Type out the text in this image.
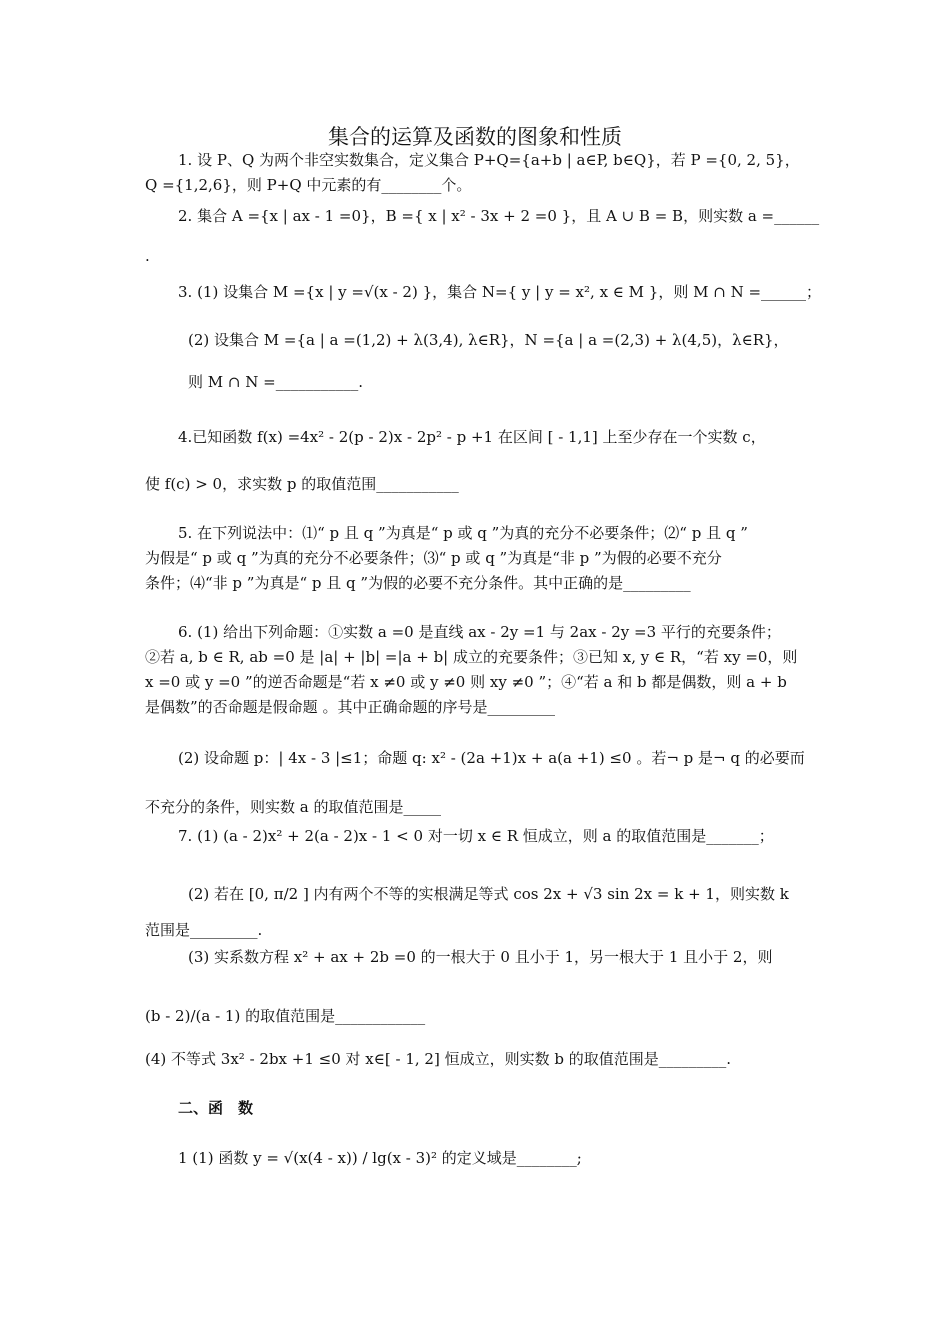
集合的运算及函数的图象和性质
1. 设 P、Q 为两个非空实数集合，定义集合 P+Q={a+b | a∈P, b∈Q}，若 P ={0, 2, 5}，
Q ={1,2,6}，则 P+Q 中元素的有________个。
2. 集合 A ={x | ax - 1 =0}，B ={ x | x² - 3x + 2 =0 }，且 A ∪ B = B，则实数 a =______
.
3. (1) 设集合 M ={x | y =√(x - 2) }，集合 N={ y | y = x², x ∈ M }，则 M ∩ N =______；
(2) 设集合 M ={a | a =(1,2) + λ(3,4), λ∈R}，N ={a | a =(2,3) + λ(4,5)，λ∈R}，
则 M ∩ N =___________.
4.已知函数 f(x) =4x² - 2(p - 2)x - 2p² - p +1 在区间 [ - 1,1] 上至少存在一个实数 c，
使 f(c) > 0，求实数 p 的取值范围___________
5. 在下列说法中：⑴“ p 且 q ”为真是“ p 或 q ”为真的充分不必要条件；⑵“ p 且 q ”
为假是“ p 或 q ”为真的充分不必要条件；⑶“ p 或 q ”为真是“非 p ”为假的必要不充分
条件；⑷“非 p ”为真是“ p 且 q ”为假的必要不充分条件。其中正确的是_________
6. (1) 给出下列命题：①实数 a =0 是直线 ax - 2y =1 与 2ax - 2y =3 平行的充要条件；
②若 a, b ∈ R, ab =0 是 |a| + |b| =|a + b| 成立的充要条件；③已知 x, y ∈ R，“若 xy =0，则
x =0 或 y =0 ”的逆否命题是“若 x ≠0 或 y ≠0 则 xy ≠0 ”；④“若 a 和 b 都是偶数，则 a + b
是偶数”的否命题是假命题 。其中正确命题的序号是_________
(2) 设命题 p：| 4x - 3 |≤1；命题 q: x² - (2a +1)x + a(a +1) ≤0 。若¬ p 是¬ q 的必要而
不充分的条件，则实数 a 的取值范围是_____
7. (1) (a - 2)x² + 2(a - 2)x - 1 < 0 对一切 x ∈ R 恒成立，则 a 的取值范围是_______；
(2) 若在 [0, π/2 ] 内有两个不等的实根满足等式 cos 2x + √3 sin 2x = k + 1，则实数 k
范围是_________.
(3) 实系数方程 x² + ax + 2b =0 的一根大于 0 且小于 1，另一根大于 1 且小于 2，则
(b - 2)/(a - 1) 的取值范围是____________
(4) 不等式 3x² - 2bx +1 ≤0 对 x∈[ - 1, 2] 恒成立，则实数 b 的取值范围是_________.
二、函　数
1 (1) 函数 y = √(x(4 - x)) / lg(x - 3)² 的定义域是________;
